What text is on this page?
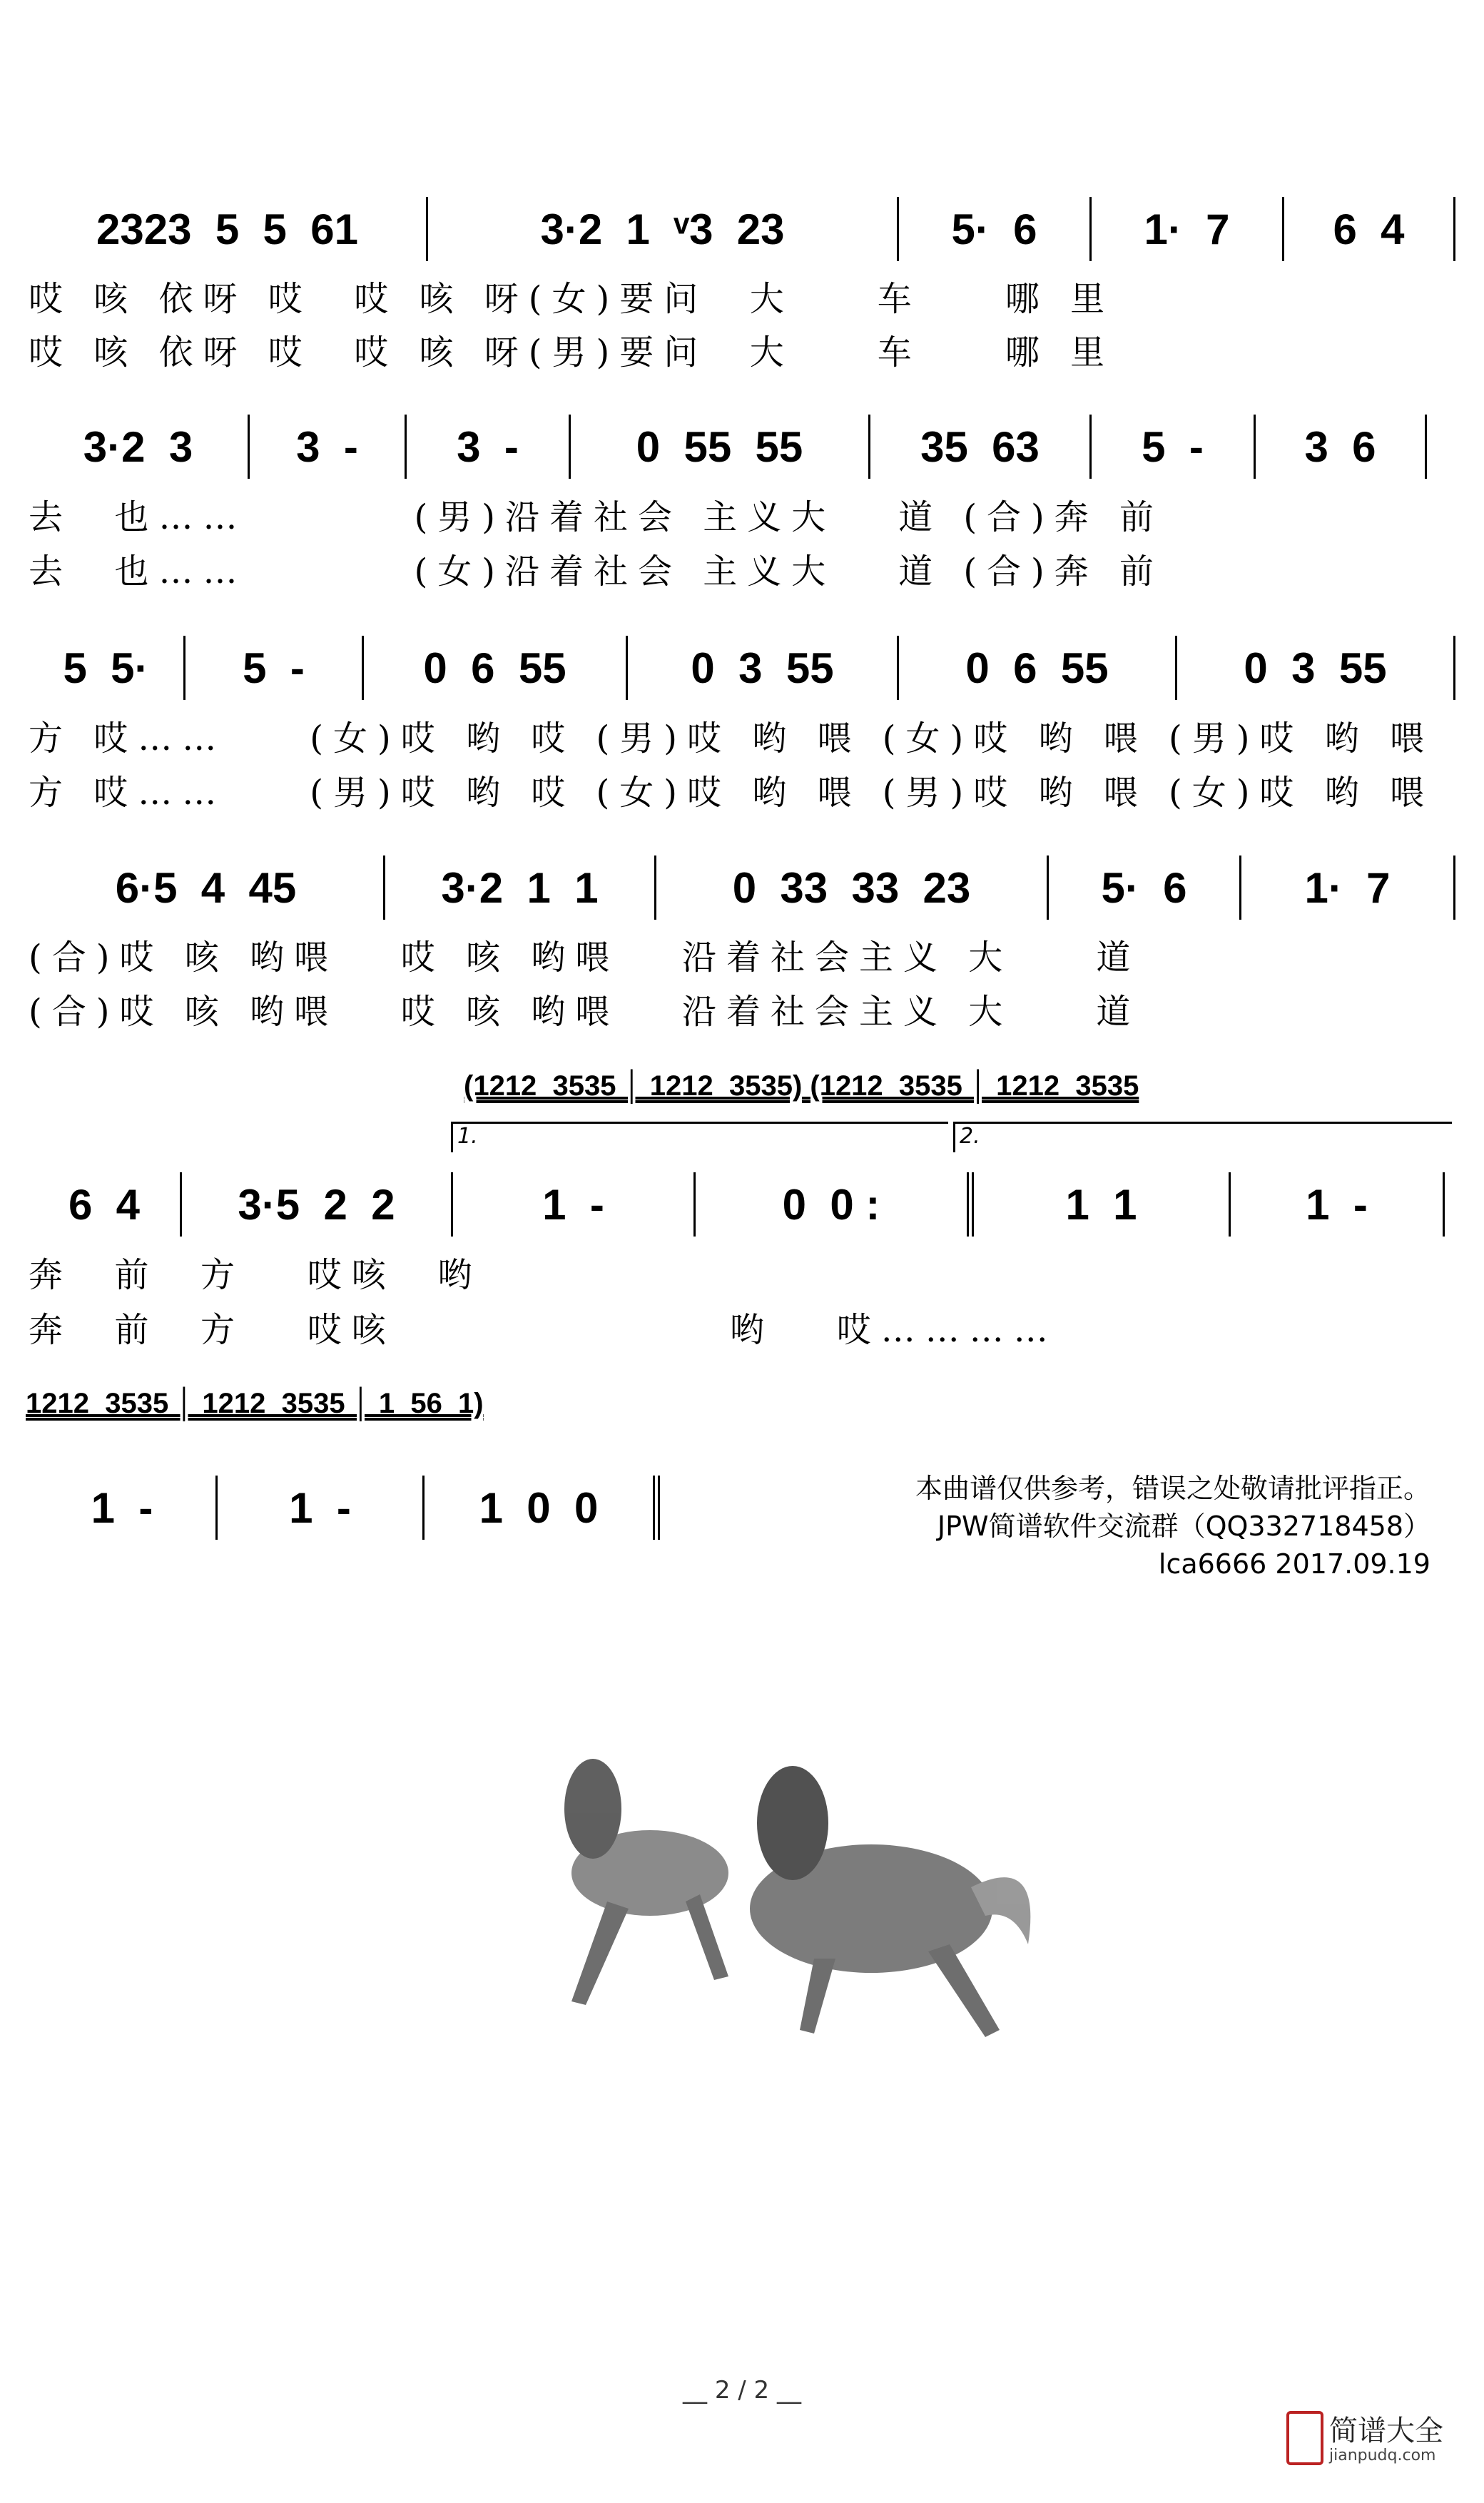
2323  5  5  61	3·2  1  ᵛ3  23	5·  6	1·  7	6  4
哎 咳 依呀 哎  哎 咳 呀(女)要问  大    车    哪 里
哎 咳 依呀 哎  哎 咳 呀(男)要问  大    车    哪 里
3·2  3	3  -	3  -	0  55  55	35  63	5  -	3  6
去  也……        (男)沿着社会 主义大   道 (合)奔 前
去  也……        (女)沿着社会 主义大   道 (合)奔 前
5  5·	5  -	0  6  55	0  3  55	0  6  55	0  3  55
方 哎……    (女)哎 哟 哎 (男)哎 哟 喂 (女)哎 哟 喂 (男)哎 哟 喂
方 哎……    (男)哎 哟 哎 (女)哎 哟 喂 (男)哎 哟 喂 (女)哎 哟 喂
6·5  4  45	3·2  1  1	0  33  33  23	5·  6	1·  7
(合)哎 咳 哟喂   哎 咳 哟喂   沿着社会主义 大    道
(合)哎 咳 哟喂   哎 咳 哟喂   沿着社会主义 大    道
(1212  3535 │ 1212  3535) (1212  3535 │ 1212  3535
1.	2.
6  4	3·5  2  2	1  -	0  0 :	1  1	1  -
奔  前  方   哎咳  哟
奔  前  方   哎咳                哟   哎…………
1212  3535 │ 1212  3535 │ 1  56  1)
1  -	1  -	1  0  0	本曲谱仅供参考，错误之处敬请批评指正。
JPW简谱软件交流群（QQ332718458）
lca6666 2017.09.19
__ 2 / 2 __
简谱大全
jianpudq.com
